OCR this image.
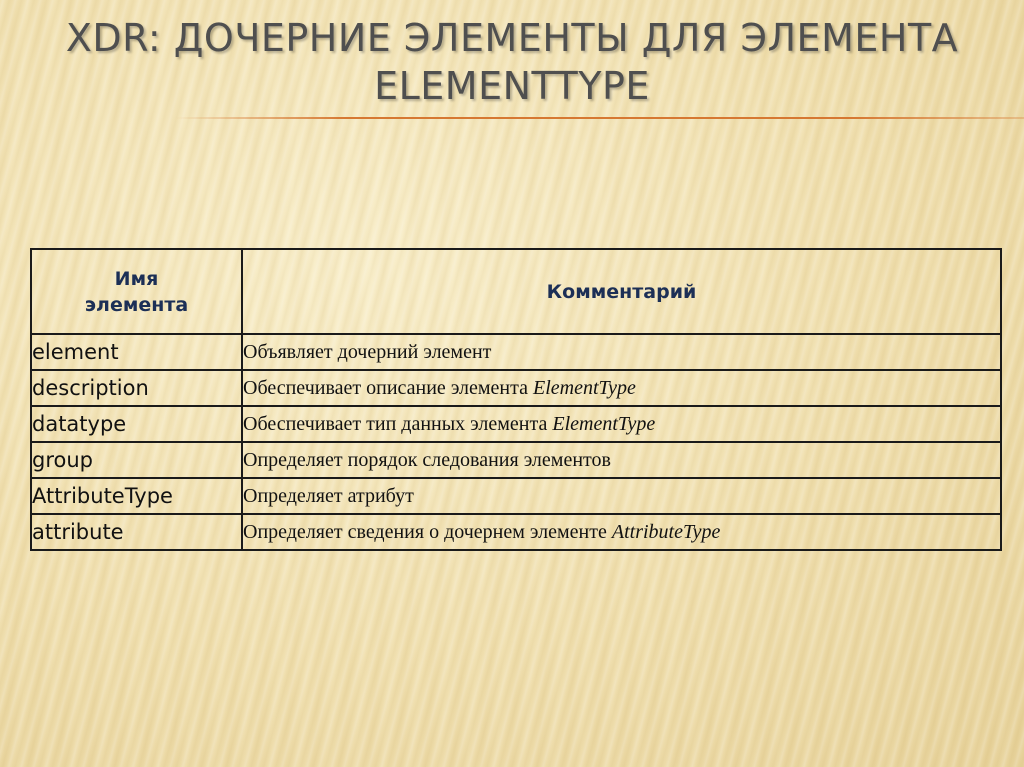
XDR: ДОЧЕРНИЕ ЭЛЕМЕНТЫ ДЛЯ ЭЛЕМЕНТА
ELEMENTTYPE
Имя
элемента	Комментарий
element	Объявляет дочерний элемент
description	Обеспечивает описание элемента ElementType
datatype	Обеспечивает тип данных элемента ElementType
group	Определяет порядок следования элементов
AttributeType	Определяет атрибут
attribute	Определяет сведения о дочернем элементе AttributeType
